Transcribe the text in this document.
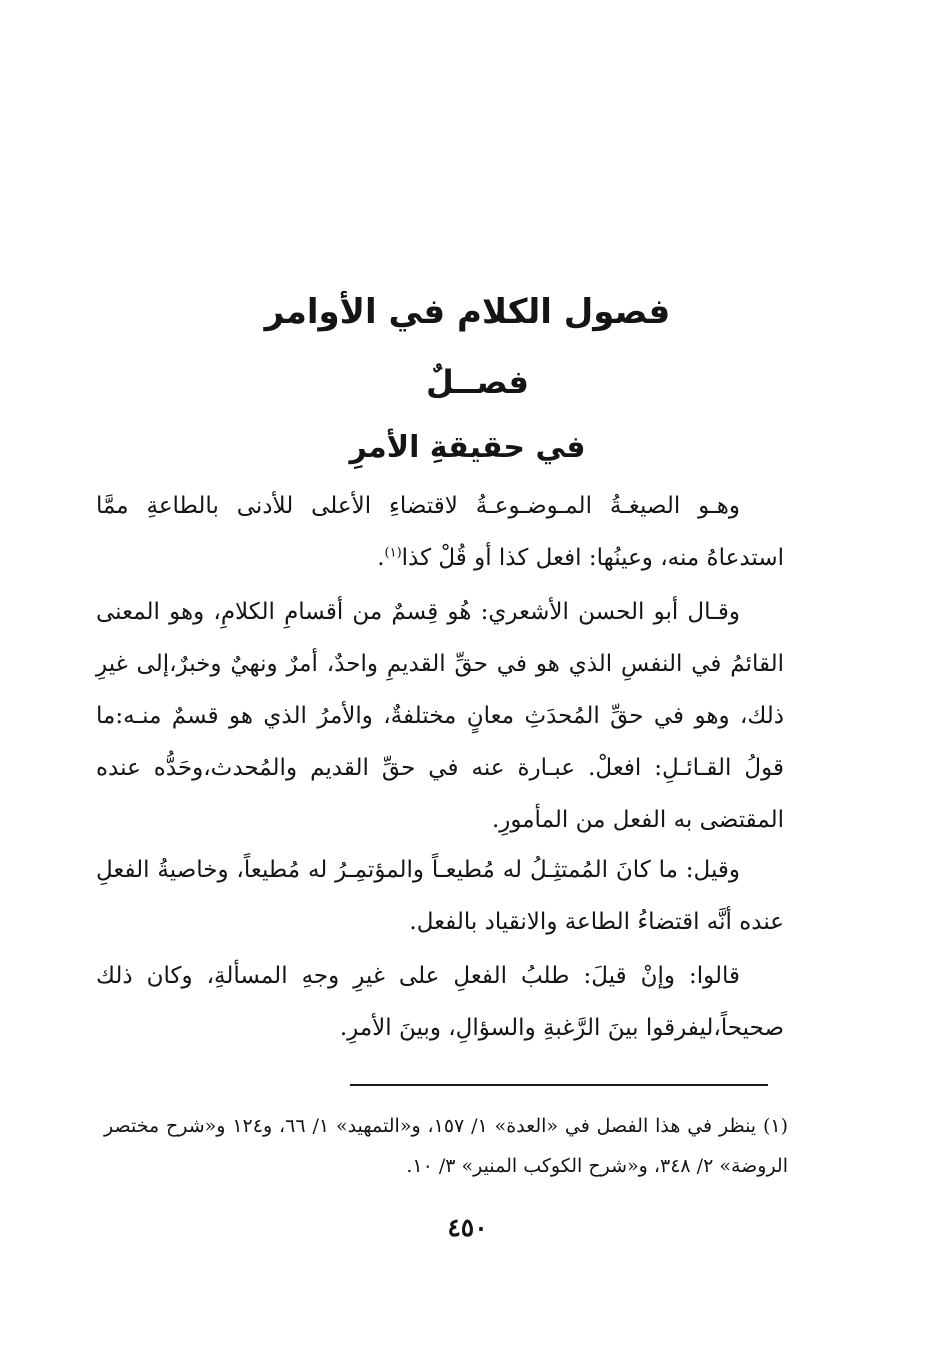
فصول الكلام في الأوامر
فصــلٌ
في حقيقةِ الأمرِ
وهـو الصيغـةُ المـوضـوعـةُ لاقتضاءِ الأعلى للأدنى بالطاعةِ ممَّا استدعاهُ منه، وعينُها: افعل كذا أو قُلْ كذا$^{(١)}$.
وقـال أبو الحسن الأشعري: هُو قِسمٌ من أقسامِ الكلامِ، وهو المعنى القائمُ في النفسِ الذي هو في حقِّ القديمِ واحدٌ، أمرٌ ونهيٌ وخبرٌ،إلى غيرِ ذلك، وهو في حقِّ المُحدَثِ معانٍ مختلفةٌ، والأمرُ الذي هو قسمٌ منـه:ما قولُ القـائـلِ: افعلْ. عبـارة عنه في حقِّ القديم والمُحدث،وحَدُّه عنده المقتضى به الفعل من المأمورِ.
وقيل: ما كانَ المُمتثِـلُ له مُطيعـاً والمؤتمِـرُ له مُطيعاً، وخاصيةُ الفعلِ عنده أنَّه اقتضاءُ الطاعة والانقياد بالفعل.
قالوا: وإنْ قيلَ: طلبُ الفعلِ على غيرِ وجهِ المسألةِ، وكان ذلك صحيحاً،ليفرقوا بينَ الرَّغبةِ والسؤالِ، وبينَ الأمرِ.
(١) ينظر في هذا الفصل في «العدة» ١/ ١٥٧، و«التمهيد» ١/ ٦٦، و١٢٤ و«شرح مختصر الروضة» ٢/ ٣٤٨، و«شرح الكوكب المنير» ٣/ ١٠.
٤٥٠
